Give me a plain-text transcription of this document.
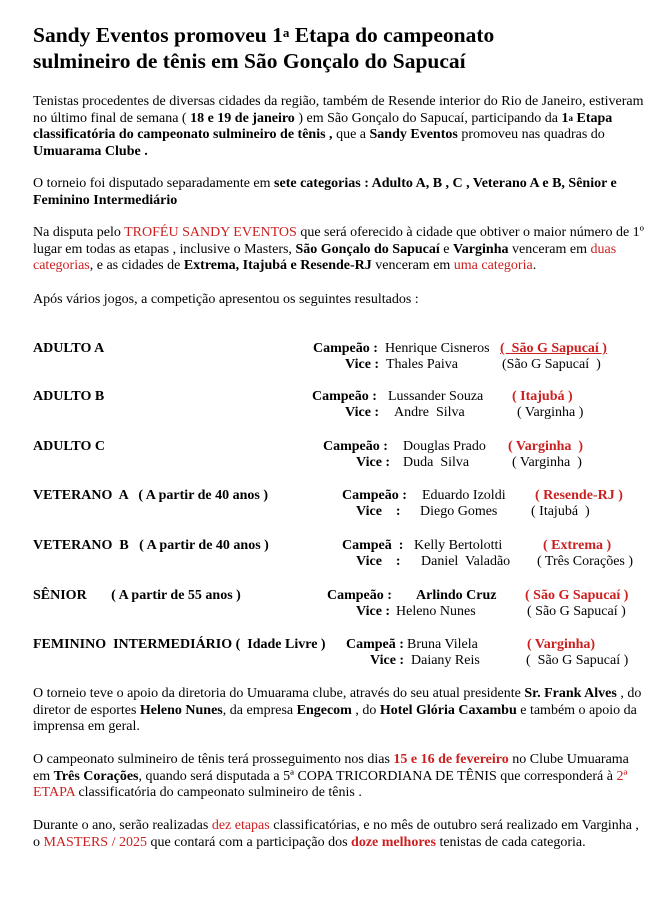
Sandy Eventos promoveu 1$^a$ Etapa do campeonato
sulmineiro de tênis em São Gonçalo do Sapucaí
Tenistas procedentes de diversas cidades da região, também de Resende interior do Rio de Janeiro, estiveram no último final de semana ( 18 e 19 de janeiro ) em São Gonçalo do Sapucaí, participando da 1$^a$ Etapa classificatória do campeonato sulmineiro de tênis , que a Sandy Eventos promoveu nas quadras do Umuarama Clube .
O torneio foi disputado separadamente em sete categorias : Adulto A, B , C , Veterano A e B, Sênior e Feminino Intermediário
Na disputa pelo TROFÉU SANDY EVENTOS que será oferecido à cidade que obtiver o maior número de 1º lugar em todas as etapas , inclusive o Masters, São Gonçalo do Sapucaí e Varginha venceram em duas categorias, e as cidades de Extrema, Itajubá e Resende-RJ venceram em uma categoria.
Após vários jogos, a competição apresentou os seguintes resultados :
ADULTO A	Campeão : Henrique Cisneros (  São G Sapucaí )
Vice : Thales Paiva	(São G Sapucaí  )
ADULTO B	Campeão : Lussander Souza ( Itajubá )
Vice : Andre  Silva	( Varginha )
ADULTO C	Campeão : Douglas Prado ( Varginha  )
Vice : Duda  Silva	( Varginha  )
VETERANO  A   ( A partir de 40 anos )	Campeão : Eduardo Izoldi ( Resende-RJ )
Vice    : Diego Gomes ( Itajubá  )
VETERANO  B   ( A partir de 40 anos )	Campeã  : Kelly Bertolotti	( Extrema )
Vice    : Daniel  Valadão ( Três Corações )
SÊNIOR       ( A partir de 55 anos )	Campeão : Arlindo Cruz ( São G Sapucaí )
Vice : Heleno Nunes	( São G Sapucaí )
FEMININO  INTERMEDIÁRIO (  Idade Livre ) Campeã : Bruna Vilela	( Varginha)
Vice : Daiany Reis	(  São G Sapucaí )
O torneio teve o apoio da diretoria do Umuarama clube, através do seu atual presidente Sr. Frank Alves , do diretor de esportes Heleno Nunes, da empresa Engecom , do Hotel Glória Caxambu e também o apoio da imprensa em geral.
O campeonato sulmineiro de tênis terá prosseguimento nos dias 15 e 16 de fevereiro no Clube Umuarama em Três Corações, quando será disputada a 5ª COPA TRICORDIANA DE TÊNIS que corresponderá à 2ª ETAPA classificatória do campeonato sulmineiro de tênis .
Durante o ano, serão realizadas dez etapas classificatórias, e no mês de outubro será realizado em Varginha , o MASTERS / 2025 que contará com a participação dos doze melhores tenistas de cada categoria.
